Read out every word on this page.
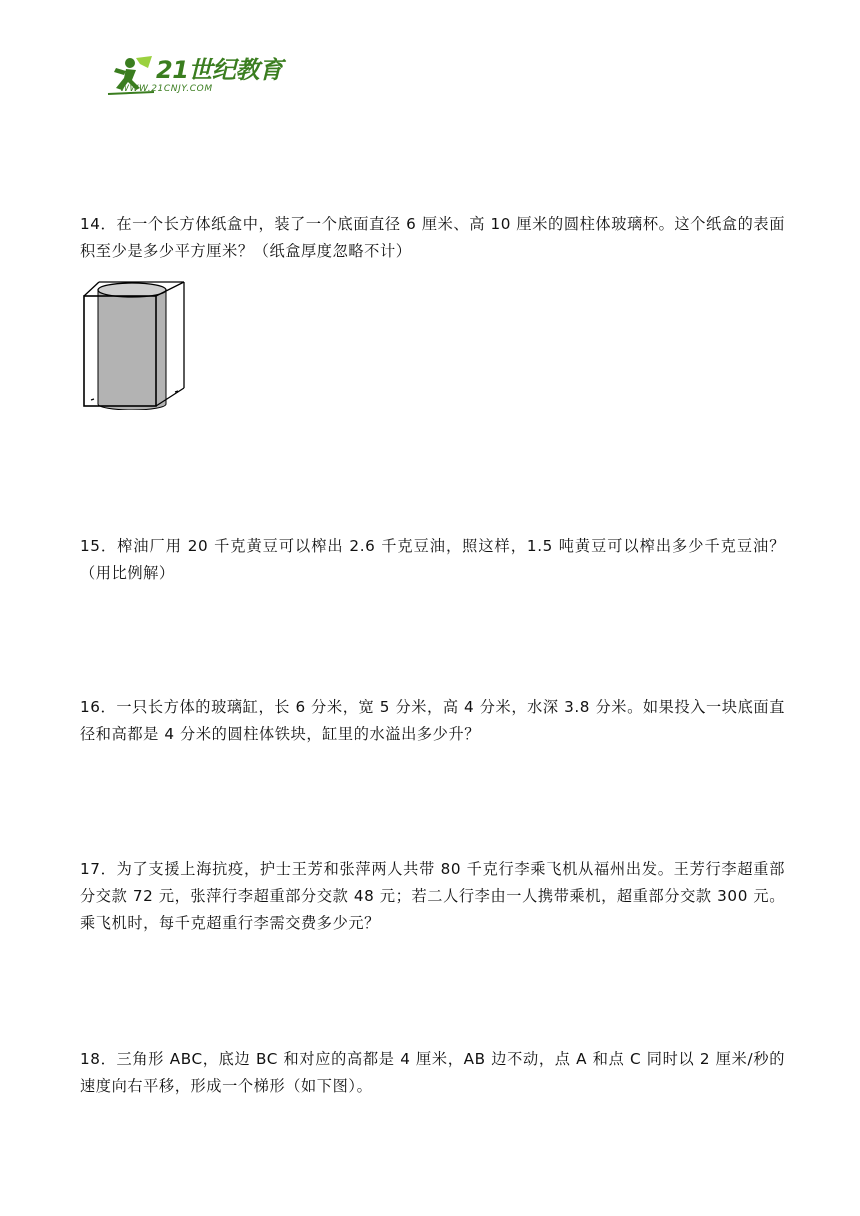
21世纪教育
WWW.21CNJY.COM

14．在一个长方体纸盒中，装了一个底面直径 6 厘米、高 10 厘米的圆柱体玻璃杯。这个纸盒的表面积至少是多少平方厘米？（纸盒厚度忽略不计）

15．榨油厂用 20 千克黄豆可以榨出 2.6 千克豆油，照这样，1.5 吨黄豆可以榨出多少千克豆油？（用比例解）

16．一只长方体的玻璃缸，长 6 分米，宽 5 分米，高 4 分米，水深 3.8 分米。如果投入一块底面直径和高都是 4 分米的圆柱体铁块，缸里的水溢出多少升？

17．为了支援上海抗疫，护士王芳和张萍两人共带 80 千克行李乘飞机从福州出发。王芳行李超重部分交款 72 元，张萍行李超重部分交款 48 元；若二人行李由一人携带乘机，超重部分交款 300 元。乘飞机时，每千克超重行李需交费多少元？

18．三角形 ABC，底边 BC 和对应的高都是 4 厘米，AB 边不动，点 A 和点 C 同时以 2 厘米/秒的速度向右平移，形成一个梯形（如下图）。
